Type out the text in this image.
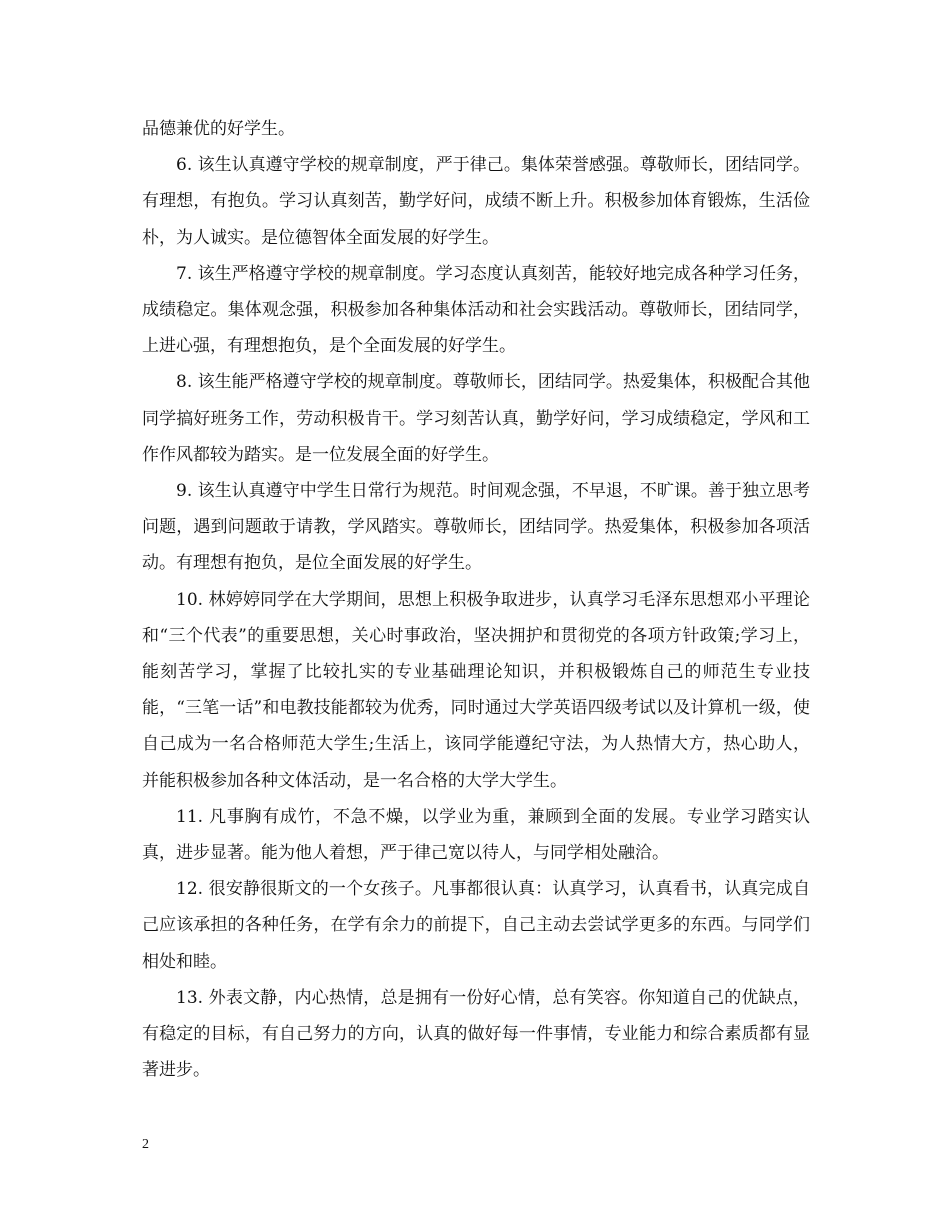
品德兼优的好学生。

6. 该生认真遵守学校的规章制度，严于律己。集体荣誉感强。尊敬师长，团结同学。有理想，有抱负。学习认真刻苦，勤学好问，成绩不断上升。积极参加体育锻炼，生活俭朴，为人诚实。是位德智体全面发展的好学生。

7. 该生严格遵守学校的规章制度。学习态度认真刻苦，能较好地完成各种学习任务，成绩稳定。集体观念强，积极参加各种集体活动和社会实践活动。尊敬师长，团结同学，上进心强，有理想抱负，是个全面发展的好学生。

8. 该生能严格遵守学校的规章制度。尊敬师长，团结同学。热爱集体，积极配合其他同学搞好班务工作，劳动积极肯干。学习刻苦认真，勤学好问，学习成绩稳定，学风和工作作风都较为踏实。是一位发展全面的好学生。

9. 该生认真遵守中学生日常行为规范。时间观念强，不早退，不旷课。善于独立思考问题，遇到问题敢于请教，学风踏实。尊敬师长，团结同学。热爱集体，积极参加各项活动。有理想有抱负，是位全面发展的好学生。

10. 林婷婷同学在大学期间，思想上积极争取进步，认真学习毛泽东思想邓小平理论和“三个代表”的重要思想，关心时事政治，坚决拥护和贯彻党的各项方针政策;学习上，能刻苦学习，掌握了比较扎实的专业基础理论知识，并积极锻炼自己的师范生专业技能，“三笔一话”和电教技能都较为优秀，同时通过大学英语四级考试以及计算机一级，使自己成为一名合格师范大学生;生活上，该同学能遵纪守法，为人热情大方，热心助人，并能积极参加各种文体活动，是一名合格的大学大学生。

11. 凡事胸有成竹，不急不燥，以学业为重，兼顾到全面的发展。专业学习踏实认真，进步显著。能为他人着想，严于律己宽以待人，与同学相处融洽。

12. 很安静很斯文的一个女孩子。凡事都很认真：认真学习，认真看书，认真完成自己应该承担的各种任务，在学有余力的前提下，自己主动去尝试学更多的东西。与同学们相处和睦。

13. 外表文静，内心热情，总是拥有一份好心情，总有笑容。你知道自己的优缺点，有稳定的目标，有自己努力的方向，认真的做好每一件事情，专业能力和综合素质都有显著进步。

2
